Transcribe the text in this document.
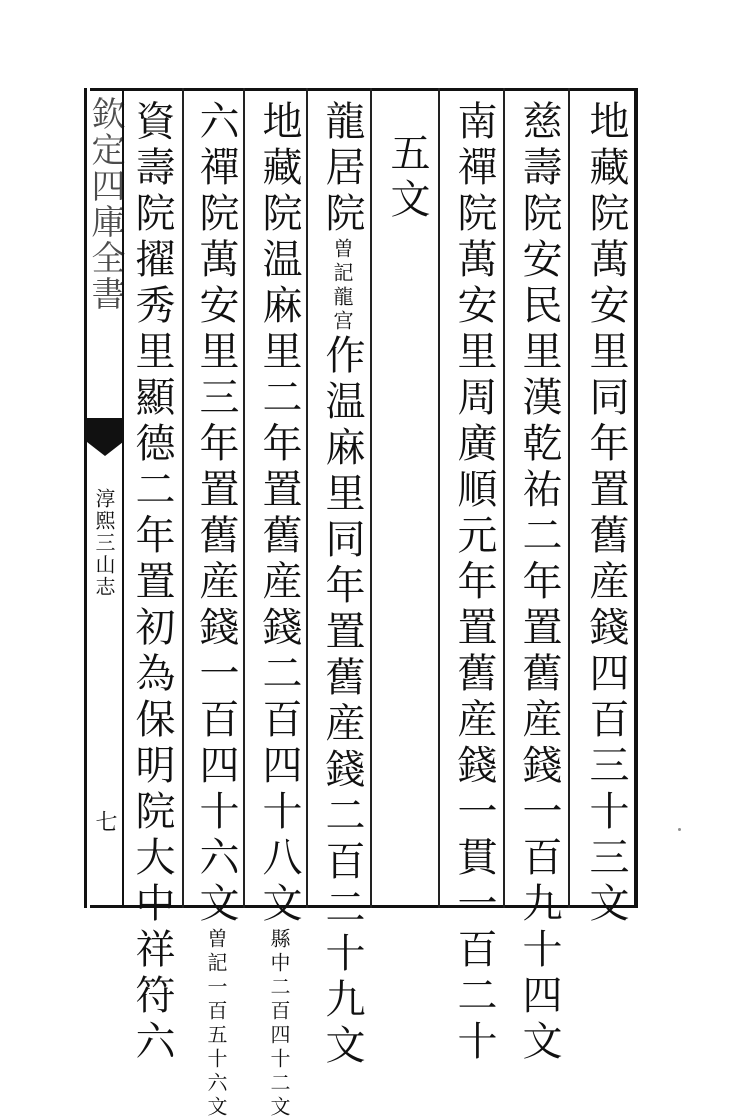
欽定四庫全書
淳熙三山志
七	地藏院萬安里同年置舊産錢四百三十三文
慈壽院安民里漢乾祐二年置舊産錢一百九十四文
南禪院萬安里周廣順元年置舊産錢一貫一百二十
五文
龍居院曽記龍宫作温麻里同年置舊産錢二百二十九文
地藏院温麻里二年置舊産錢二百四十八文縣中二百四十二文
六禪院萬安里三年置舊産錢一百四十六文曽記一百五十六文
資壽院擢秀里顯德二年置初為保明院大中祥符六
